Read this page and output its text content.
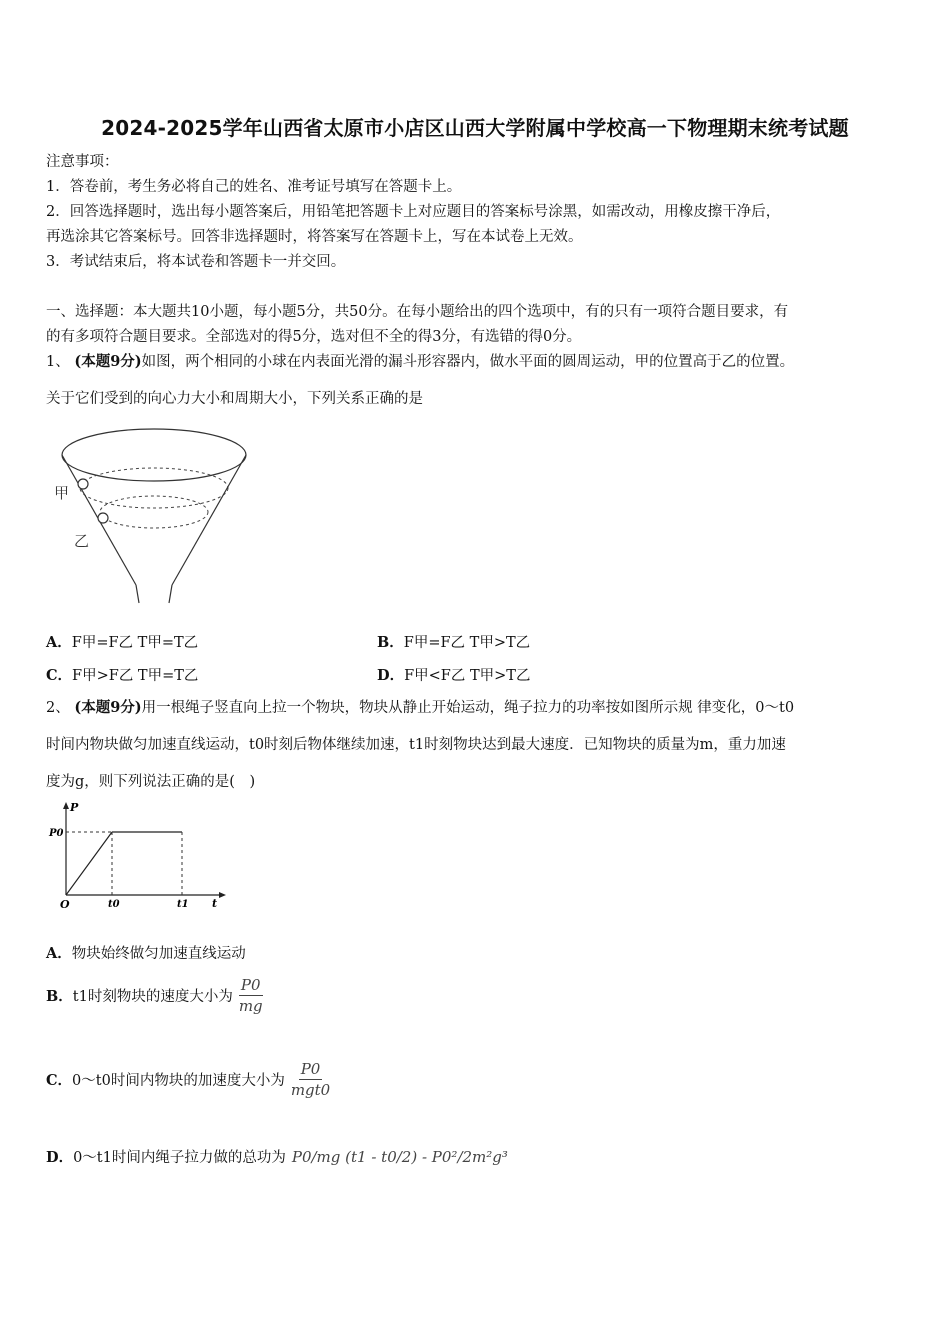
2024-2025学年山西省太原市小店区山西大学附属中学校高一下物理期末统考试题
注意事项：
1．答卷前，考生务必将自己的姓名、准考证号填写在答题卡上。
2．回答选择题时，选出每小题答案后，用铅笔把答题卡上对应题目的答案标号涂黑，如需改动，用橡皮擦干净后，
再选涂其它答案标号。回答非选择题时，将答案写在答题卡上，写在本试卷上无效。
3．考试结束后，将本试卷和答题卡一并交回。
一、选择题：本大题共10小题，每小题5分，共50分。在每小题给出的四个选项中，有的只有一项符合题目要求，有
的有多项符合题目要求。全部选对的得5分，选对但不全的得3分，有选错的得0分。
1、 (本题9分)如图，两个相同的小球在内表面光滑的漏斗形容器内，做水平面的圆周运动，甲的位置高于乙的位置。
关于它们受到的向心力大小和周期大小，下列关系正确的是
甲
乙
A．F甲=F乙 T甲=T乙	B．F甲=F乙 T甲>T乙
C．F甲>F乙 T甲=T乙	D．F甲<F乙 T甲>T乙
2、 (本题9分)用一根绳子竖直向上拉一个物块，物块从静止开始运动，绳子拉力的功率按如图所示规 律变化，0～t0
时间内物块做匀加速直线运动，t0时刻后物体继续加速，t1时刻物块达到最大速度．已知物块的质量为m，重力加速
度为g，则下列说法正确的是(　)
P
t
O
P0
t0	t1
A．物块始终做匀加速直线运动
B． t1时刻物块的速度大小为 $\frac{P0}{mg}$
C． 0～t0时间内物块的加速度大小为 $\frac{P0}{\text{mgt0}}$
D． 0～t1时间内绳子拉力做的总功为 P0/mg (t1 - t0/2) - P0²/2m²g³
